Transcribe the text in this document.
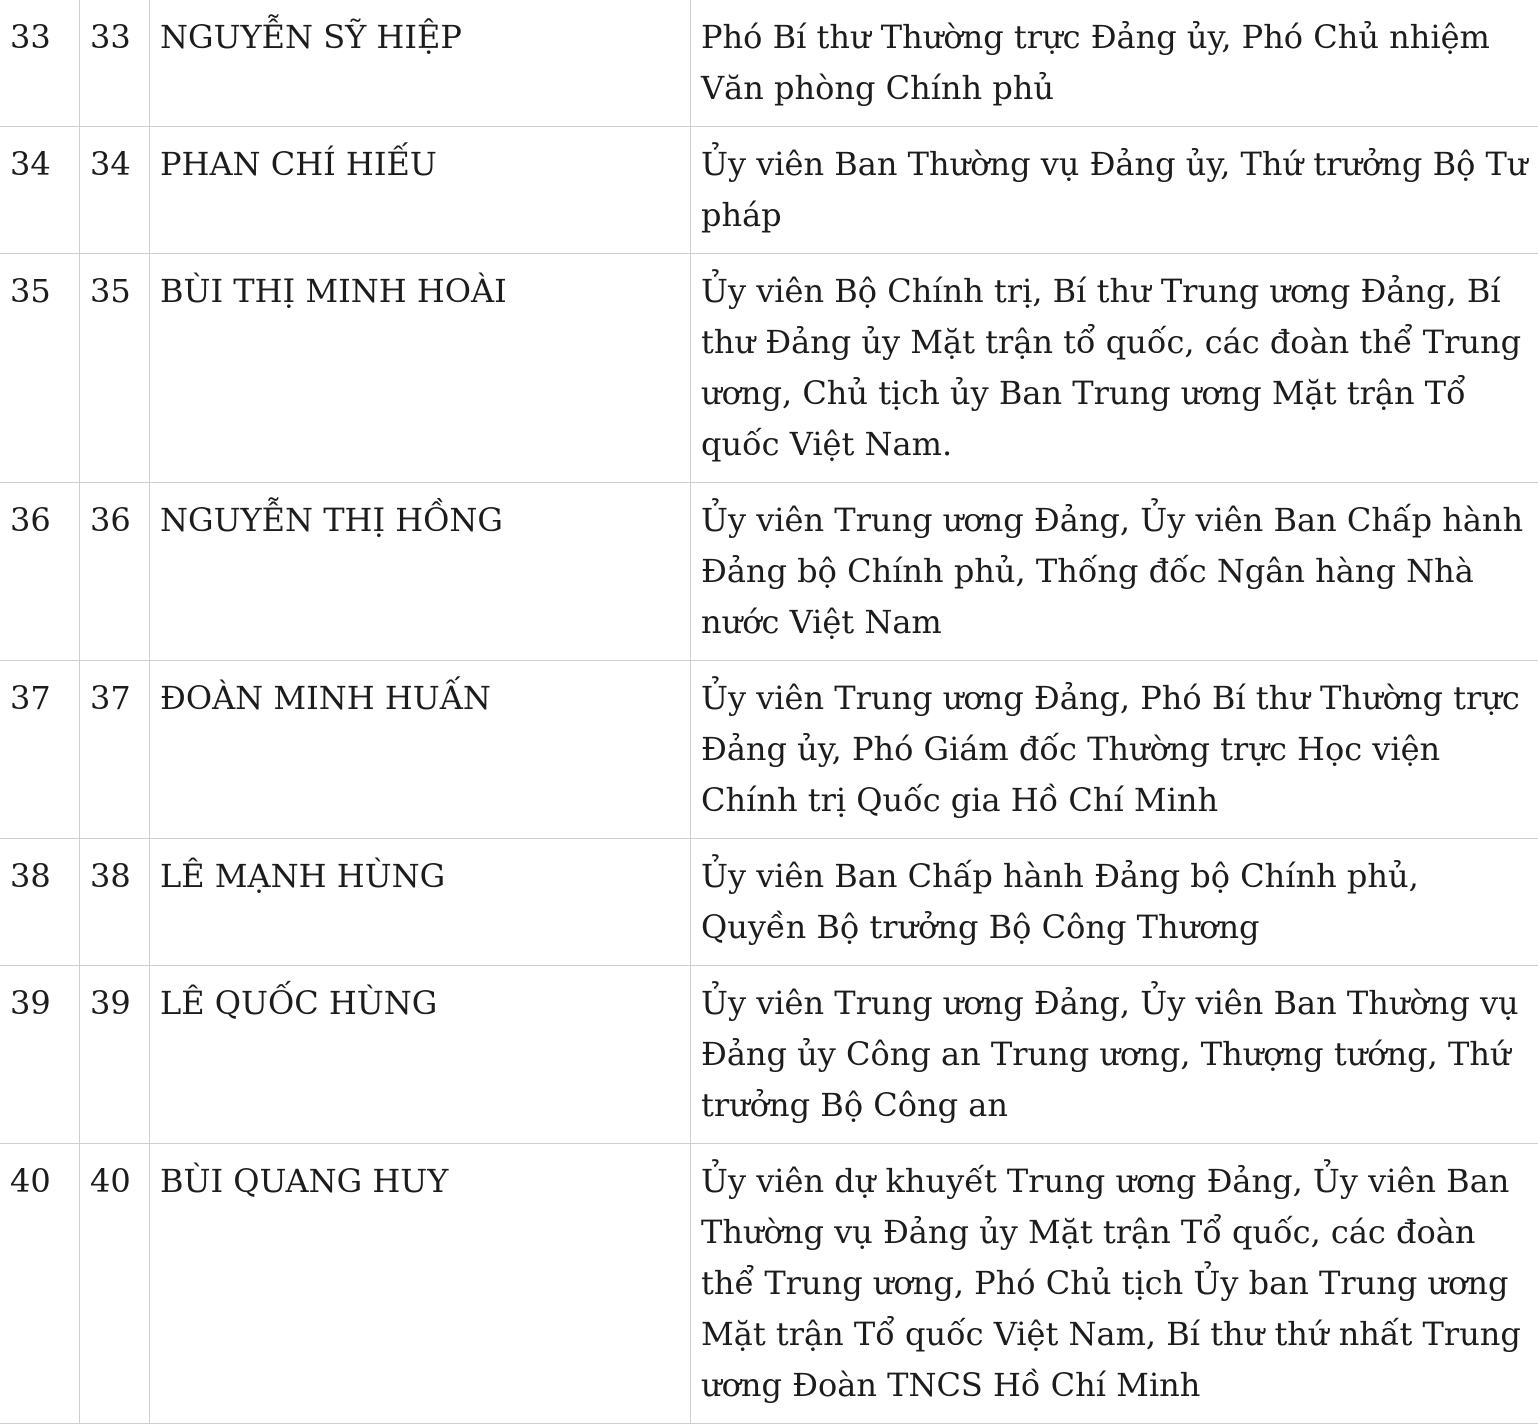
33	33	NGUYỄN SỸ HIỆP	Phó Bí thư Thường trực Đảng ủy, Phó Chủ nhiệm Văn phòng Chính phủ
34	34	PHAN CHÍ HIẾU	Ủy viên Ban Thường vụ Đảng ủy, Thứ trưởng Bộ Tư pháp
35	35	BÙI THỊ MINH HOÀI	Ủy viên Bộ Chính trị, Bí thư Trung ương Đảng, Bí thư Đảng ủy Mặt trận tổ quốc, các đoàn thể Trung ương, Chủ tịch ủy Ban Trung ương Mặt trận Tổ quốc Việt Nam.
36	36	NGUYỄN THỊ HỒNG	Ủy viên Trung ương Đảng, Ủy viên Ban Chấp hành Đảng bộ Chính phủ, Thống đốc Ngân hàng Nhà nước Việt Nam
37	37	ĐOÀN MINH HUẤN	Ủy viên Trung ương Đảng, Phó Bí thư Thường trực Đảng ủy, Phó Giám đốc Thường trực Học viện Chính trị Quốc gia Hồ Chí Minh
38	38	LÊ MẠNH HÙNG	Ủy viên Ban Chấp hành Đảng bộ Chính phủ, Quyền Bộ trưởng Bộ Công Thương
39	39	LÊ QUỐC HÙNG	Ủy viên Trung ương Đảng, Ủy viên Ban Thường vụ Đảng ủy Công an Trung ương, Thượng tướng, Thứ trưởng Bộ Công an
40	40	BÙI QUANG HUY	Ủy viên dự khuyết Trung ương Đảng, Ủy viên Ban Thường vụ Đảng ủy Mặt trận Tổ quốc, các đoàn thể Trung ương, Phó Chủ tịch Ủy ban Trung ương Mặt trận Tổ quốc Việt Nam, Bí thư thứ nhất Trung ương Đoàn TNCS Hồ Chí Minh
